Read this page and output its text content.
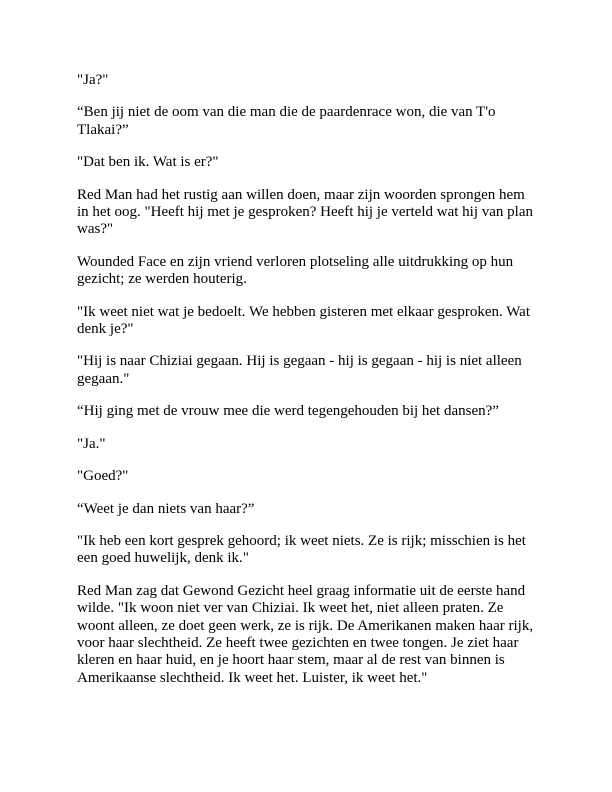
"Ja?"

“Ben jij niet de oom van die man die de paardenrace won, die van T'o Tlakai?”

"Dat ben ik. Wat is er?"

Red Man had het rustig aan willen doen, maar zijn woorden sprongen hem in het oog. "Heeft hij met je gesproken? Heeft hij je verteld wat hij van plan was?"

Wounded Face en zijn vriend verloren plotseling alle uitdrukking op hun gezicht; ze werden houterig.

"Ik weet niet wat je bedoelt. We hebben gisteren met elkaar gesproken. Wat denk je?"

"Hij is naar Chiziai gegaan. Hij is gegaan - hij is gegaan - hij is niet alleen gegaan."

“Hij ging met de vrouw mee die werd tegengehouden bij het dansen?”

"Ja."

"Goed?"

“Weet je dan niets van haar?”

"Ik heb een kort gesprek gehoord; ik weet niets. Ze is rijk; misschien is het een goed huwelijk, denk ik."

Red Man zag dat Gewond Gezicht heel graag informatie uit de eerste hand wilde. "Ik woon niet ver van Chiziai. Ik weet het, niet alleen praten. Ze woont alleen, ze doet geen werk, ze is rijk. De Amerikanen maken haar rijk, voor haar slechtheid. Ze heeft twee gezichten en twee tongen. Je ziet haar kleren en haar huid, en je hoort haar stem, maar al de rest van binnen is Amerikaanse slechtheid. Ik weet het. Luister, ik weet het."
